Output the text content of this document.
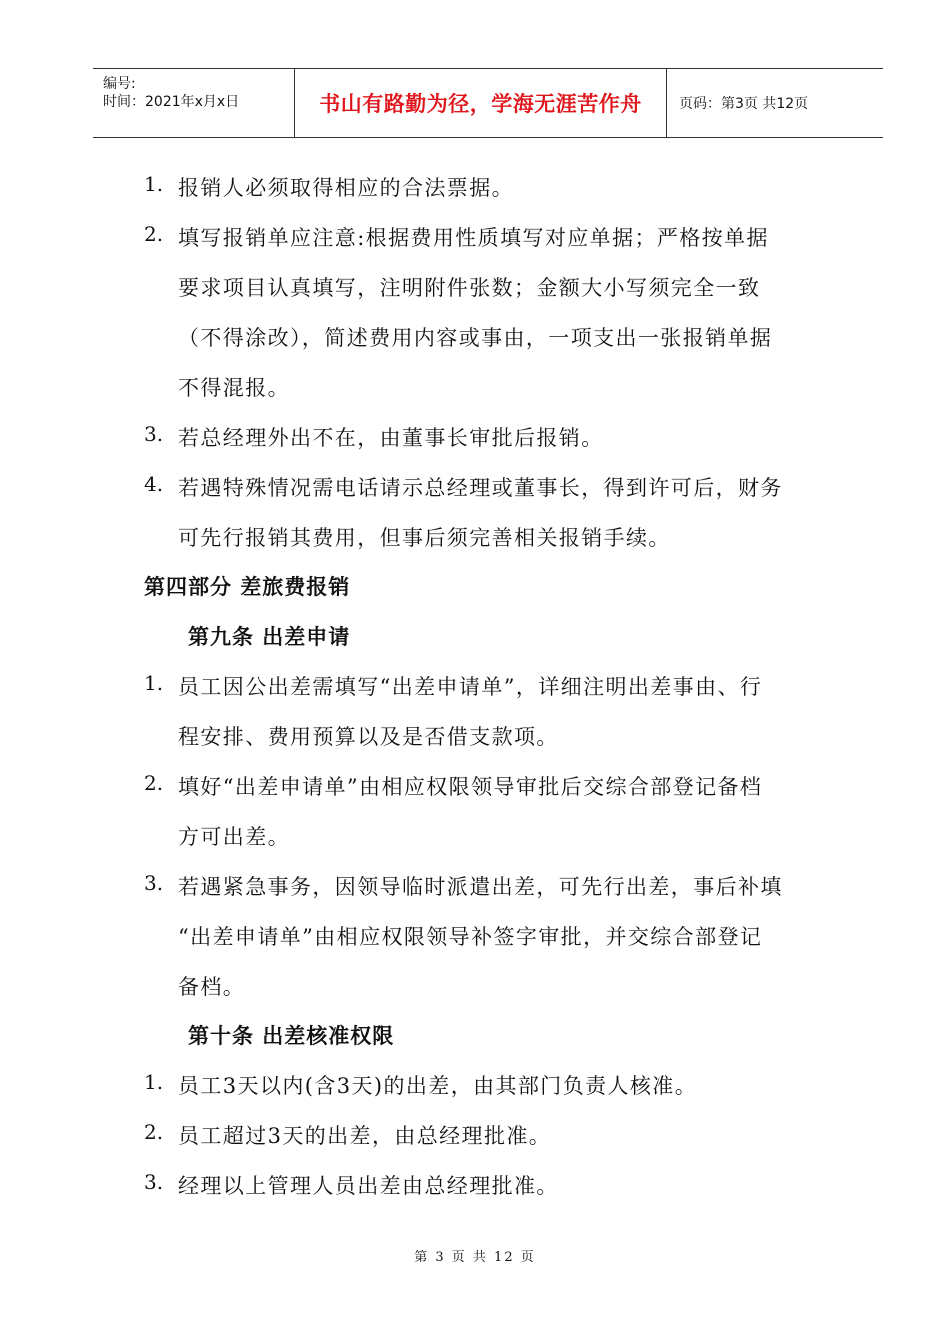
编号:
时间：2021年x月x日	书山有路勤为径，学海无涯苦作舟	页码：第3页 共12页
1. 报销人必须取得相应的合法票据。
2. 填写报销单应注意:根据费用性质填写对应单据；严格按单据
要求项目认真填写，注明附件张数；金额大小写须完全一致
（不得涂改），简述费用内容或事由，一项支出一张报销单据
不得混报。
3. 若总经理外出不在，由董事长审批后报销。
4. 若遇特殊情况需电话请示总经理或董事长，得到许可后，财务
可先行报销其费用，但事后须完善相关报销手续。
第四部分 差旅费报销
第九条 出差申请
1. 员工因公出差需填写“出差申请单”，详细注明出差事由、行
程安排、费用预算以及是否借支款项。
2. 填好“出差申请单”由相应权限领导审批后交综合部登记备档
方可出差。
3. 若遇紧急事务，因领导临时派遣出差，可先行出差，事后补填
“出差申请单”由相应权限领导补签字审批，并交综合部登记
备档。
第十条 出差核准权限
1. 员工3天以内(含3天)的出差，由其部门负责人核准。
2. 员工超过3天的出差，由总经理批准。
3. 经理以上管理人员出差由总经理批准。
第 3 页 共 12 页
